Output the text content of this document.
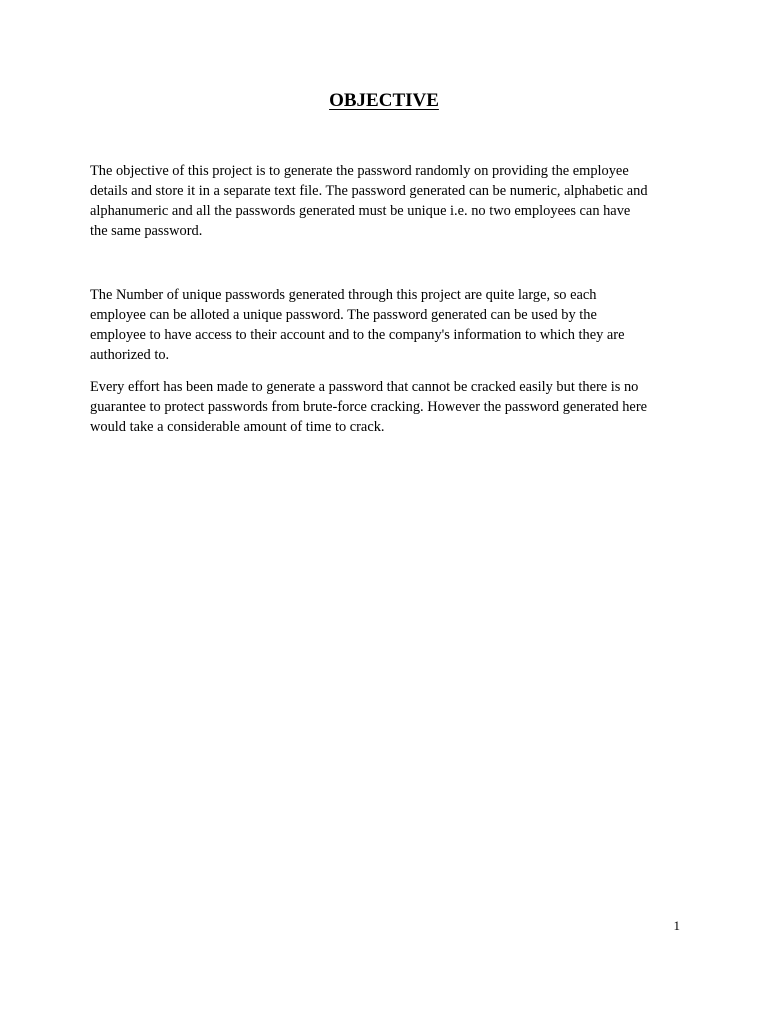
OBJECTIVE

The objective of this project is to generate the password randomly on providing the employee
details and store it in a separate text file. The password generated can be numeric, alphabetic and
alphanumeric and all the passwords generated must be unique i.e. no two employees can have
the same password.

The Number of unique passwords generated through this project are quite large, so each
employee can be alloted a unique password. The password generated can be used by the
employee to have access to their account and to the company's information to which they are
authorized to.

Every effort has been made to generate a password that cannot be cracked easily but there is no
guarantee to protect passwords from brute-force cracking. However the password generated here
would take a considerable amount of time to crack.

1
